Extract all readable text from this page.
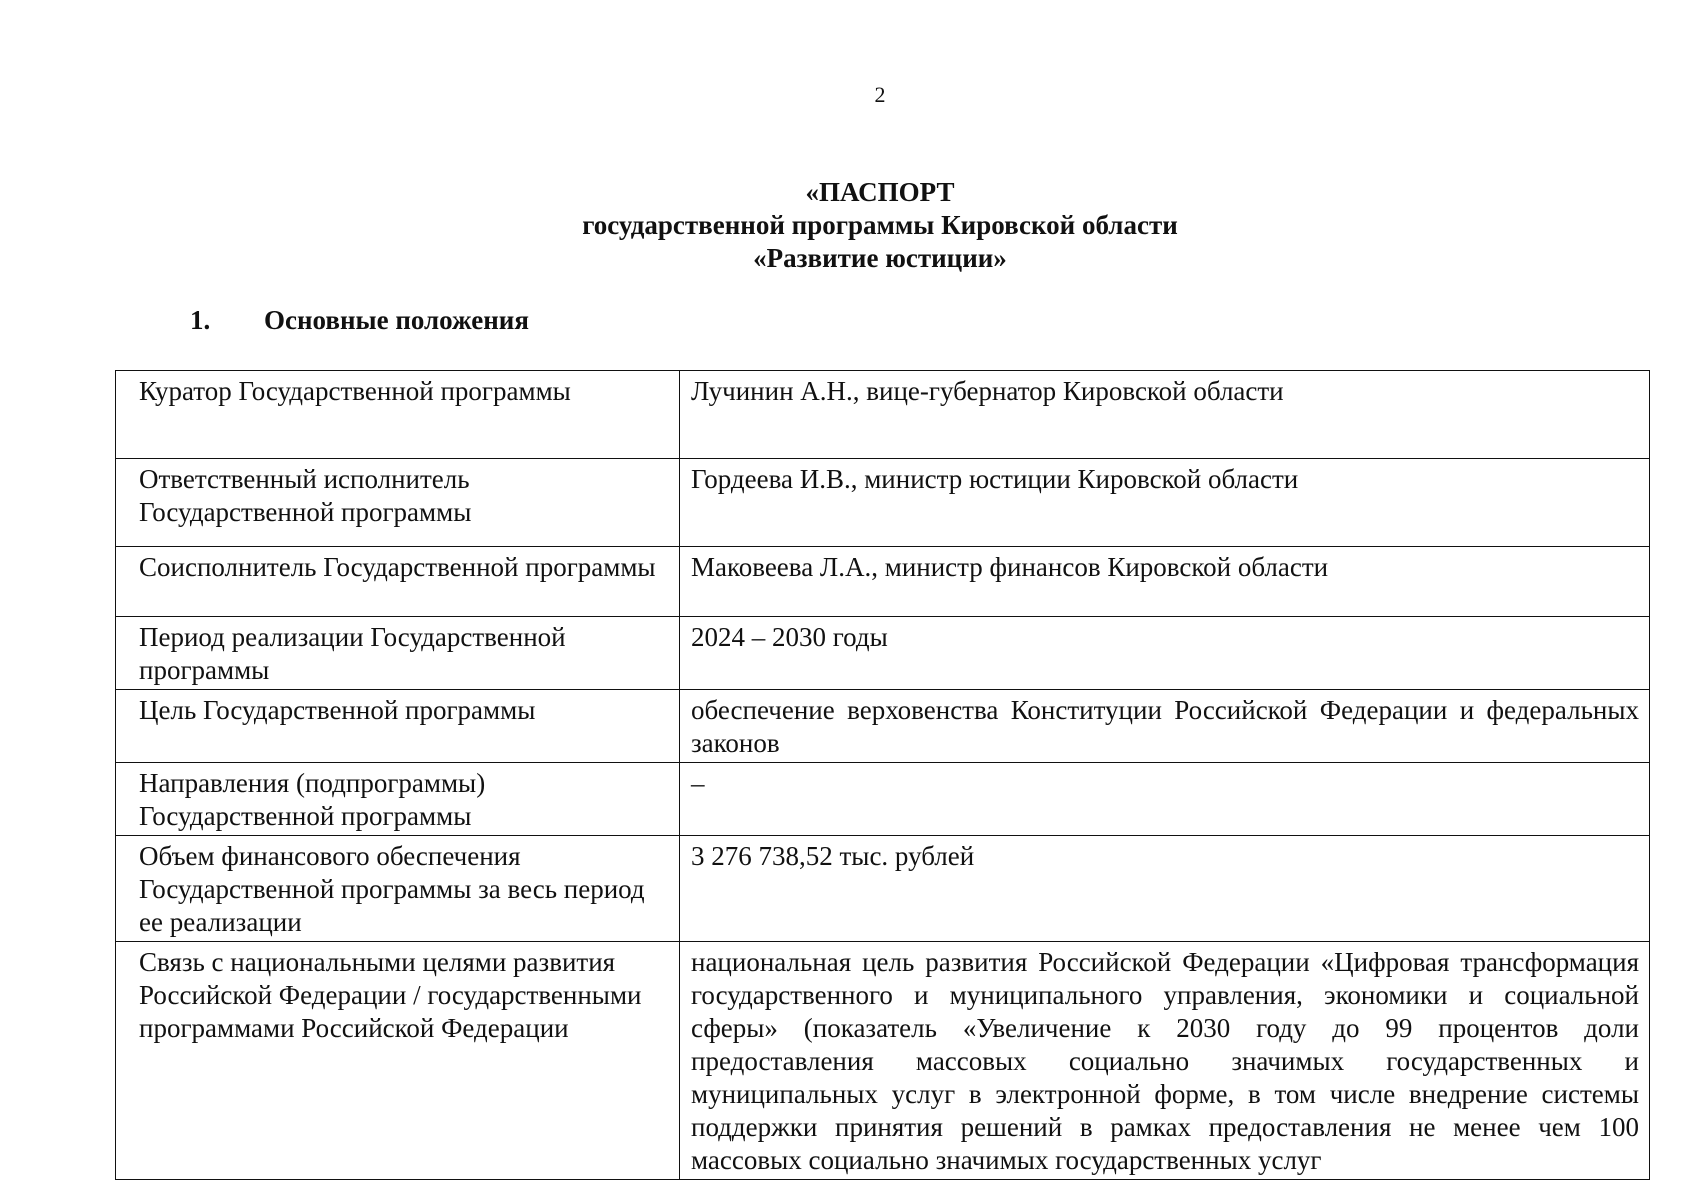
2
«ПАСПОРТ
государственной программы Кировской области
«Развитие юстиции»
1. Основные положения
Куратор Государственной программы	Лучинин А.Н., вице-губернатор Кировской области
Ответственный исполнитель Государственной программы	Гордеева И.В., министр юстиции Кировской области
Соисполнитель Государственной программы	Маковеева Л.А., министр финансов Кировской области
Период реализации Государственной программы	2024 – 2030 годы
Цель Государственной программы	обеспечение верховенства Конституции Российской Федерации и федеральных законов
Направления (подпрограммы) Государственной программы	–
Объем финансового обеспечения Государственной программы за весь период ее реализации	3 276 738,52 тыс. рублей
Связь с национальными целями развития Российской Федерации / государственными программами Российской Федерации	национальная цель развития Российской Федерации «Цифровая трансформация государственного и муниципального управления, экономики и социальной сферы» (показатель «Увеличение к 2030 году до 99 процентов доли предоставления массовых социально значимых государственных и муниципальных услуг в электронной форме, в том числе внедрение системы поддержки принятия решений в рамках предоставления не менее чем 100 массовых социально значимых государственных услуг
